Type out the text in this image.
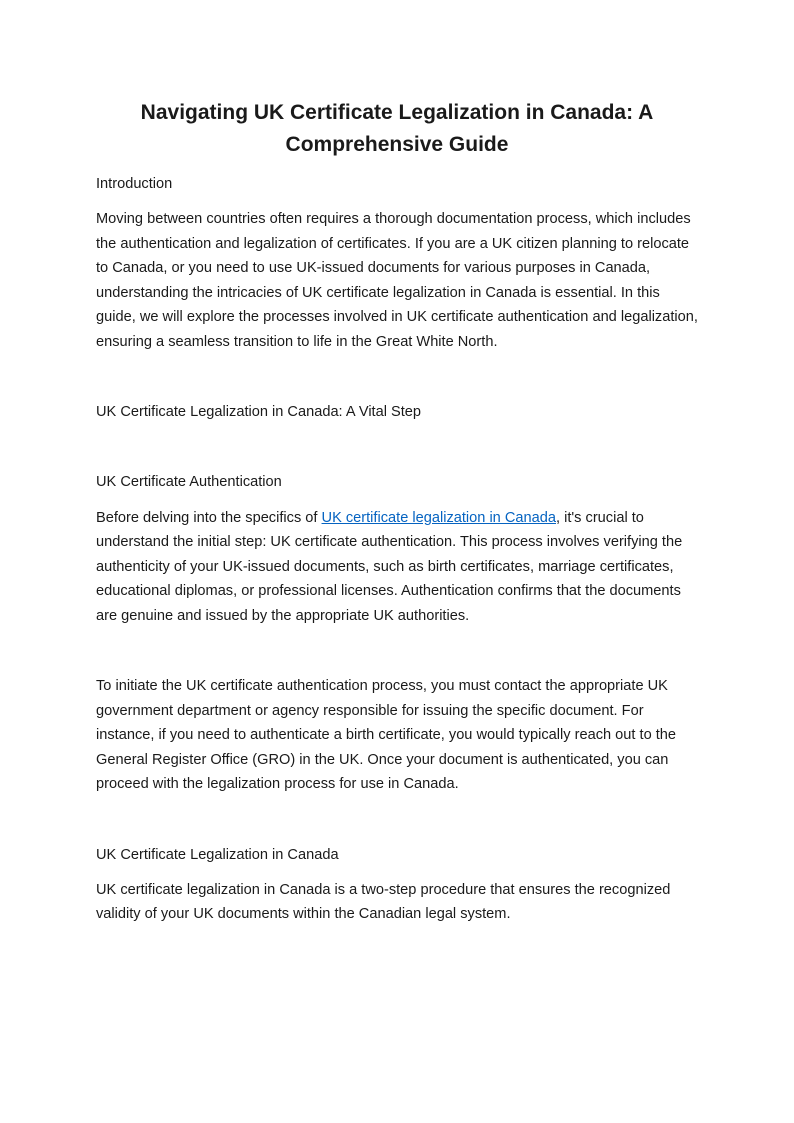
Navigating UK Certificate Legalization in Canada: A Comprehensive Guide

Introduction

Moving between countries often requires a thorough documentation process, which includes the authentication and legalization of certificates. If you are a UK citizen planning to relocate to Canada, or you need to use UK-issued documents for various purposes in Canada, understanding the intricacies of UK certificate legalization in Canada is essential. In this guide, we will explore the processes involved in UK certificate authentication and legalization, ensuring a seamless transition to life in the Great White North.

UK Certificate Legalization in Canada: A Vital Step

UK Certificate Authentication

Before delving into the specifics of UK certificate legalization in Canada, it's crucial to understand the initial step: UK certificate authentication. This process involves verifying the authenticity of your UK-issued documents, such as birth certificates, marriage certificates, educational diplomas, or professional licenses. Authentication confirms that the documents are genuine and issued by the appropriate UK authorities.

To initiate the UK certificate authentication process, you must contact the appropriate UK government department or agency responsible for issuing the specific document. For instance, if you need to authenticate a birth certificate, you would typically reach out to the General Register Office (GRO) in the UK. Once your document is authenticated, you can proceed with the legalization process for use in Canada.

UK Certificate Legalization in Canada

UK certificate legalization in Canada is a two-step procedure that ensures the recognized validity of your UK documents within the Canadian legal system.
